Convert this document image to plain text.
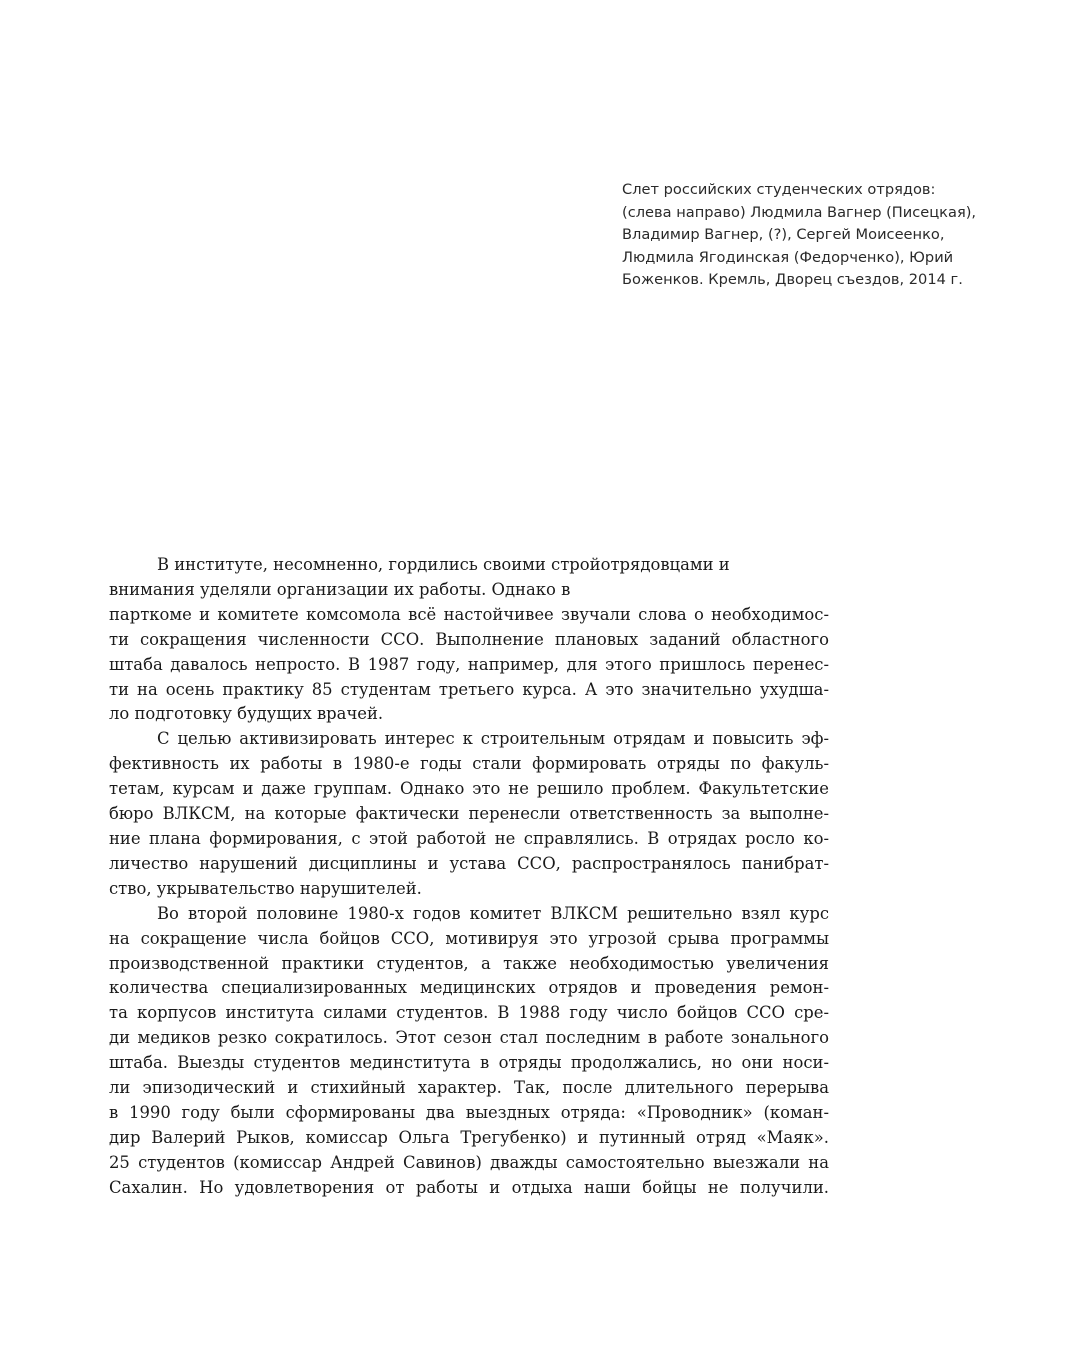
Слет российских студенческих отрядов:
(слева направо) Людмила Вагнер (Писецкая),
Владимир Вагнер, (?), Сергей Моисеенко,
Людмила Ягодинская (Федорченко), Юрий
Боженков. Кремль, Дворец съездов, 2014 г.
В институте, несомненно, гордились своими стройотрядовцами и
внимания уделяли организации их работы. Однако в
парткоме и комитете комсомола всё настойчивее звучали слова о необходимос-
ти сокращения численности ССО. Выполнение плановых заданий областного
штаба давалось непросто. В 1987 году, например, для этого пришлось перенес-
ти на осень практику 85 студентам третьего курса. А это значительно ухудша-
ло подготовку будущих врачей.
С целью активизировать интерес к строительным отрядам и повысить эф-
фективность их работы в 1980-е годы стали формировать отряды по факуль-
тетам, курсам и даже группам. Однако это не решило проблем. Факультетские
бюро ВЛКСМ, на которые фактически перенесли ответственность за выполне-
ние плана формирования, с этой работой не справлялись. В отрядах росло ко-
личество нарушений дисциплины и устава ССО, распространялось панибрат-
ство, укрывательство нарушителей.
Во второй половине 1980-х годов комитет ВЛКСМ решительно взял курс
на сокращение числа бойцов ССО, мотивируя это угрозой срыва программы
производственной практики студентов, а также необходимостью увеличения
количества специализированных медицинских отрядов и проведения ремон-
та корпусов института силами студентов. В 1988 году число бойцов ССО сре-
ди медиков резко сократилось. Этот сезон стал последним в работе зонального
штаба. Выезды студентов мединститута в отряды продолжались, но они носи-
ли эпизодический и стихийный характер. Так, после длительного перерыва
в 1990 году были сформированы два выездных отряда: «Проводник» (коман-
дир Валерий Рыков, комиссар Ольга Трегубенко) и путинный отряд «Маяк».
25 студентов (комиссар Андрей Савинов) дважды самостоятельно выезжали на
Сахалин. Но удовлетворения от работы и отдыха наши бойцы не получили.
